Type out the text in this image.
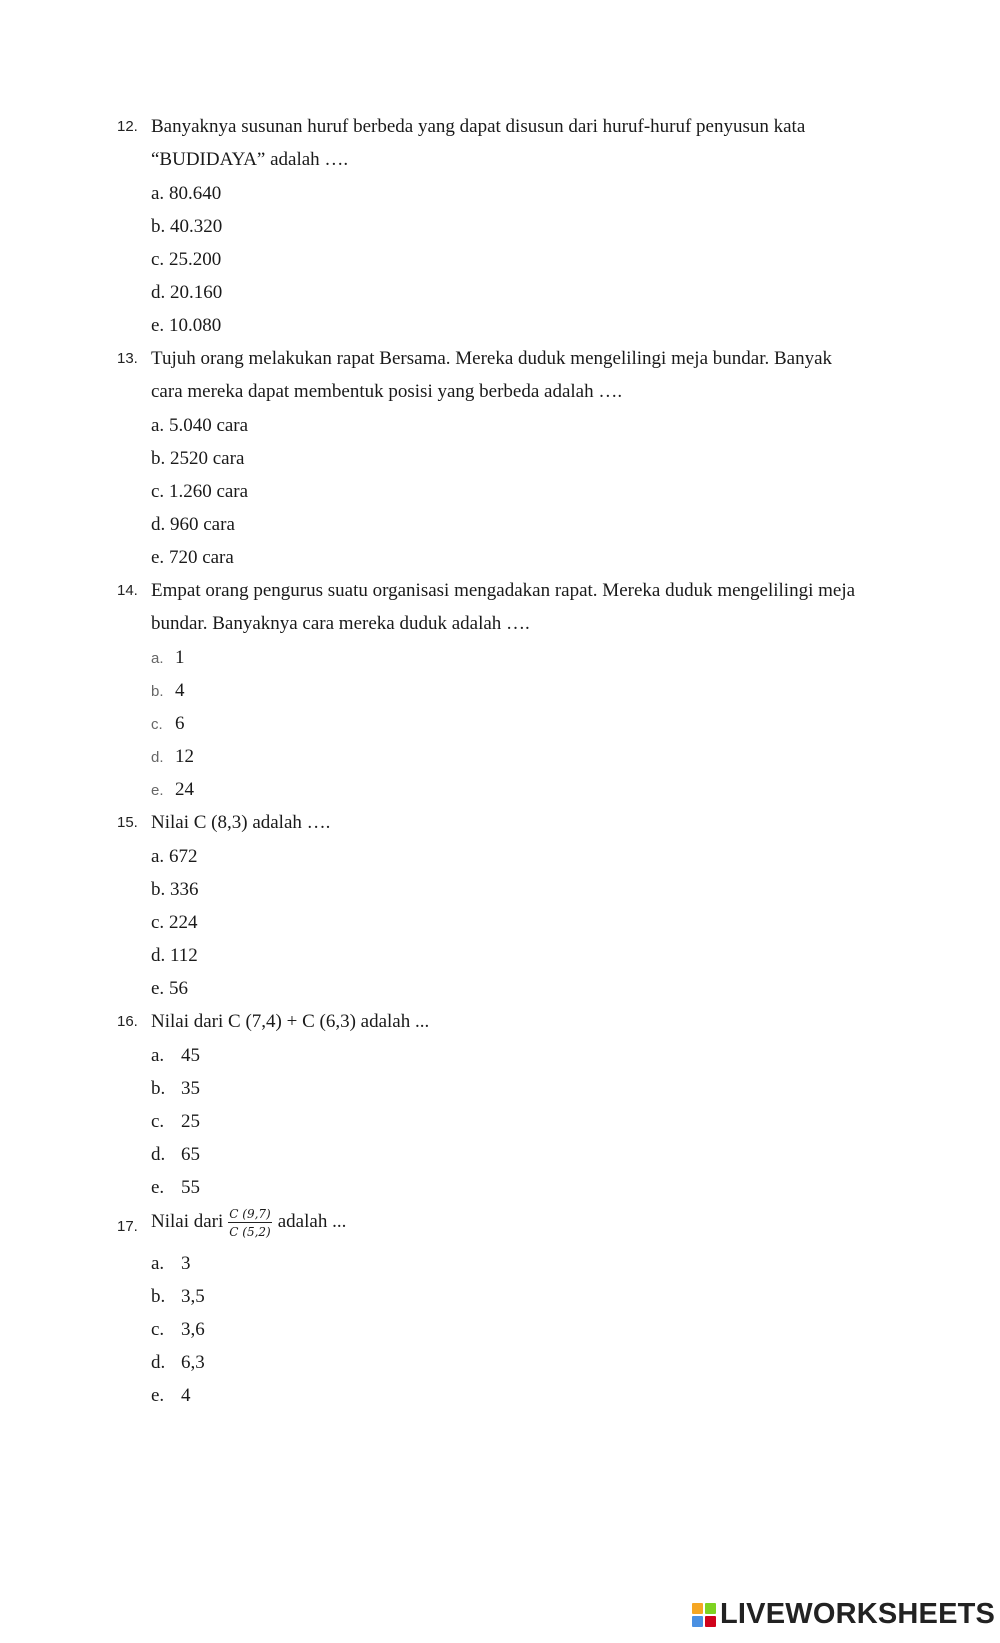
12. Banyaknya susunan huruf berbeda yang dapat disusun dari huruf-huruf penyusun kata
“BUDIDAYA” adalah ….
a. 80.640
b. 40.320
c. 25.200
d. 20.160
e. 10.080
13. Tujuh orang melakukan rapat Bersama. Mereka duduk mengelilingi meja bundar. Banyak
cara mereka dapat membentuk posisi yang berbeda adalah ….
a. 5.040 cara
b. 2520 cara
c. 1.260 cara
d. 960 cara
e. 720 cara
14. Empat orang pengurus suatu organisasi mengadakan rapat. Mereka duduk mengelilingi meja
bundar. Banyaknya cara mereka duduk adalah ….
a. 1
b. 4
c. 6
d. 12
e. 24
15. Nilai C (8,3) adalah ….
a. 672
b. 336
c. 224
d. 112
e. 56
16. Nilai dari C (7,4) + C (6,3) adalah ...
a. 45
b. 35
c. 25
d. 65
e. 55
17. Nilai dari $\frac{C (9,7)}{C (5,2)}$ adalah ...
a. 3
b. 3,5
c. 3,6
d. 6,3
e. 4
LIVEWORKSHEETS
